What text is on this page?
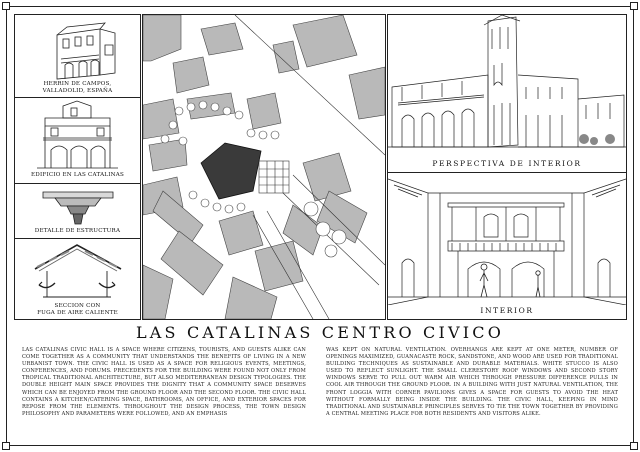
HERRIN DE CAMPOS,
VALLADOLID, ESPAÑA
EDIFICIO EN LAS CATALINAS
DETALLE DE ESTRUCTURA
SECCION CON
FUGA DE AIRE CALIENTE
PERSPECTIVA DE INTERIOR
INTERIOR
LAS CATALINAS CENTRO CIVICO
LAS CATALINAS CIVIC HALL IS A SPACE WHERE CITIZENS, TOURISTS, AND GUESTS ALIKE CAN COME TOGETHER AS A COMMUNITY THAT UNDERSTANDS THE BENEFITS OF LIVING IN A NEW URBANIST TOWN. THE CIVIC HALL IS USED AS A SPACE FOR RELIGIOUS EVENTS, MEETINGS, CONFERENCES, AND FORUMS. PRECEDENTS FOR THE BUILDING WERE FOUND NOT ONLY FROM TROPICAL TRADITIONAL ARCHITECTURE, BUT ALSO MEDITERRANEAN DESIGN TYPOLOGIES. THE DOUBLE HEIGHT MAIN SPACE PROVIDES THE DIGNITY THAT A COMMUNITY SPACE DESERVES WHICH CAN BE ENJOYED FROM THE GROUND FLOOR AND THE SECOND FLOOR. THE CIVIC HALL CONTAINS A KITCHEN/CATERING SPACE, BATHROOMS, AN OFFICE, AND EXTERIOR SPACES FOR REPOSE FROM THE ELEMENTS. THROUGHOUT THE DESIGN PROCESS, THE TOWN DESIGN PHILOSOPHY AND PARAMETERS WERE FOLLOWED, AND AN EMPHASIS
WAS KEPT ON NATURAL VENTILATION. OVERHANGS ARE KEPT AT ONE METER, NUMBER OF OPENINGS MAXIMIZED, GUANACASTE ROCK, SANDSTONE, AND WOOD ARE USED FOR TRADITIONAL BUILDING TECHNIQUES AS SUSTAINABLE AND DURABLE MATERIALS. WHITE STUCCO IS ALSO USED TO REFLECT SUNLIGHT. THE SMALL CLERESTORY ROOF WINDOWS AND SECOND STORY WINDOWS SERVE TO PULL OUT WARM AIR WHICH THROUGH PRESSURE DIFFERENCE PULLS IN COOL AIR THROUGH THE GROUND FLOOR. IN A BUILDING WITH JUST NATURAL VENTILATION, THE FRONT LOGGIA WITH CORNER PAVILIONS GIVES A SPACE FOR GUESTS TO AVOID THE HEAT WITHOUT FORMALLY BEING INSIDE THE BUILDING. THE CIVIC HALL, KEEPING IN MIND TRADITIONAL AND SUSTAINABLE PRINCIPLES SERVES TO TIE THE TOWN TOGETHER BY PROVIDING A CENTRAL MEETING PLACE FOR BOTH RESIDENTS AND VISITORS ALIKE.
